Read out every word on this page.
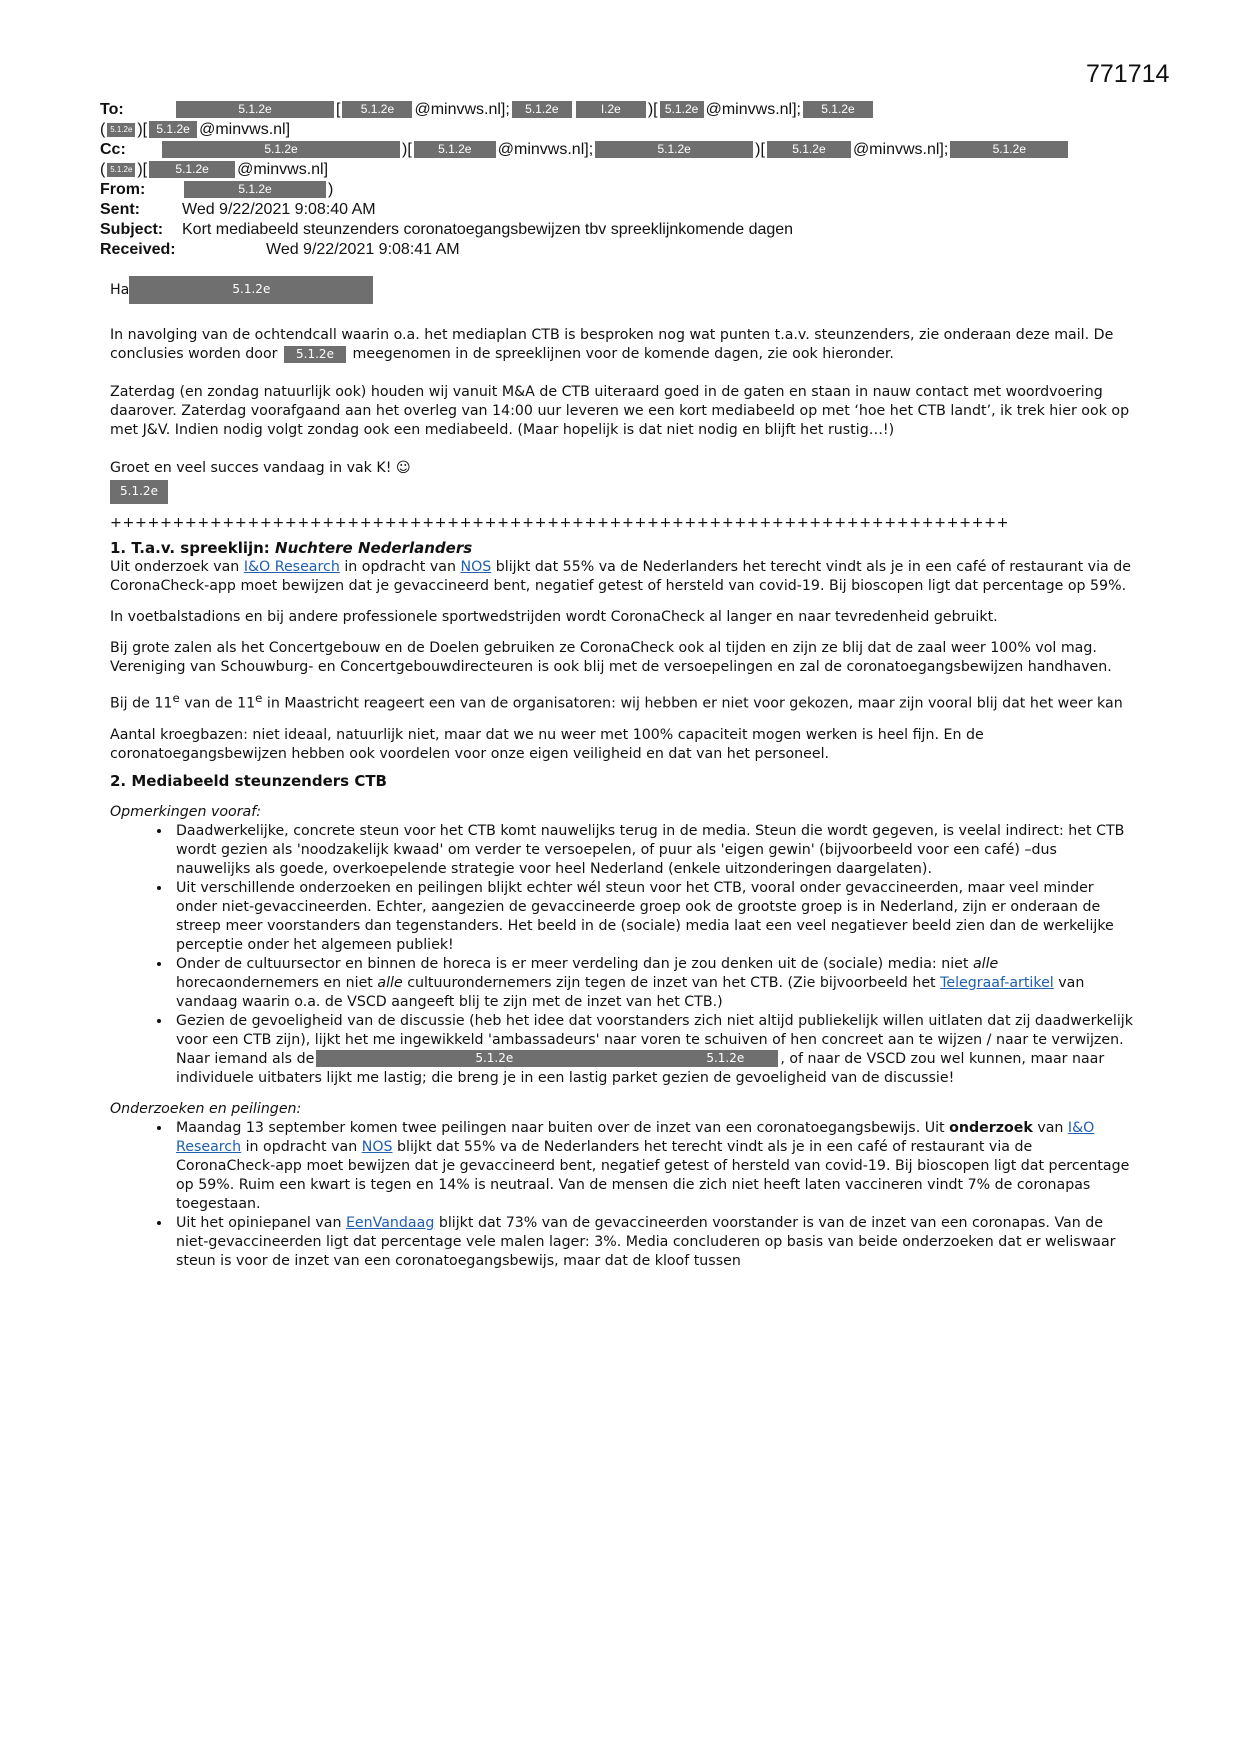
771714
To:	5.1.2e	[ 5.1.2e @minvws.nl]; 5.1.2e	I.2e )[ 5.1.2e @minvws.nl]; 5.1.2e
( 5.1.2e )[ 5.1.2e @minvws.nl]
Cc:	5.1.2e	)[ 5.1.2e @minvws.nl];	5.1.2e	)[ 5.1.2e @minvws.nl];	5.1.2e
( 5.1.2e )[ 5.1.2e @minvws.nl]
From:	5.1.2e	)
Sent:	Wed 9/22/2021 9:08:40 AM
Subject: Kort mediabeeld steunzenders coronatoegangsbewijzen tbv spreeklijnkomende dagen
Received:	Wed 9/22/2021 9:08:41 AM

Ha	5.1.2e

In navolging van de ochtendcall waarin o.a. het mediaplan CTB is besproken nog wat punten t.a.v. steunzenders, zie onderaan deze mail. De conclusies worden door 5.1.2e meegenomen in de spreeklijnen voor de komende dagen, zie ook hieronder.

Zaterdag (en zondag natuurlijk ook) houden wij vanuit M&A de CTB uiteraard goed in de gaten en staan in nauw contact met woordvoering daarover. Zaterdag voorafgaand aan het overleg van 14:00 uur leveren we een kort mediabeeld op met ‘hoe het CTB landt’, ik trek hier ook op met J&V. Indien nodig volgt zondag ook een mediabeeld. (Maar hopelijk is dat niet nodig en blijft het rustig…!)

Groet en veel succes vandaag in vak K! ☺

5.1.2e

++++++++++++++++++++++++++++++++++++++++++++++++++++++++++++++++++++++++

1. T.a.v. spreeklijn: Nuchtere Nederlanders

Uit onderzoek van I&O Research in opdracht van NOS blijkt dat 55% va de Nederlanders het terecht vindt als je in een café of restaurant via de CoronaCheck-app moet bewijzen dat je gevaccineerd bent, negatief getest of hersteld van covid-19. Bij bioscopen ligt dat percentage op 59%.

In voetbalstadions en bij andere professionele sportwedstrijden wordt CoronaCheck al langer en naar tevredenheid gebruikt.

Bij grote zalen als het Concertgebouw en de Doelen gebruiken ze CoronaCheck ook al tijden en zijn ze blij dat de zaal weer 100% vol mag. Vereniging van Schouwburg- en Concertgebouwdirecteuren is ook blij met de versoepelingen en zal de coronatoegangsbewijzen handhaven.

Bij de 11e van de 11e in Maastricht reageert een van de organisatoren: wij hebben er niet voor gekozen, maar zijn vooral blij dat het weer kan

Aantal kroegbazen: niet ideaal, natuurlijk niet, maar dat we nu weer met 100% capaciteit mogen werken is heel fijn. En de coronatoegangsbewijzen hebben ook voordelen voor onze eigen veiligheid en dat van het personeel.

2. Mediabeeld steunzenders CTB

Opmerkingen vooraf:

• Daadwerkelijke, concrete steun voor het CTB komt nauwelijks terug in de media. Steun die wordt gegeven, is veelal indirect: het CTB wordt gezien als 'noodzakelijk kwaad' om verder te versoepelen, of puur als 'eigen gewin' (bijvoorbeeld voor een café) –dus nauwelijks als goede, overkoepelende strategie voor heel Nederland (enkele uitzonderingen daargelaten).
• Uit verschillende onderzoeken en peilingen blijkt echter wél steun voor het CTB, vooral onder gevaccineerden, maar veel minder onder niet-gevaccineerden. Echter, aangezien de gevaccineerde groep ook de grootste groep is in Nederland, zijn er onderaan de streep meer voorstanders dan tegenstanders. Het beeld in de (sociale) media laat een veel negatiever beeld zien dan de werkelijke perceptie onder het algemeen publiek!
• Onder de cultuursector en binnen de horeca is er meer verdeling dan je zou denken uit de (sociale) media: niet alle horecaondernemers en niet alle cultuurondernemers zijn tegen de inzet van het CTB. (Zie bijvoorbeeld het Telegraaf-artikel van vandaag waarin o.a. de VSCD aangeeft blij te zijn met de inzet van het CTB.)
• Gezien de gevoeligheid van de discussie (heb het idee dat voorstanders zich niet altijd publiekelijk willen uitlaten dat zij daadwerkelijk voor een CTB zijn), lijkt het me ingewikkeld 'ambassadeurs' naar voren te schuiven of hen concreet aan te wijzen / naar te verwijzen. Naar iemand als de	5.1.2e	5.1.2e	, of naar de VSCD zou wel kunnen, maar naar individuele uitbaters lijkt me lastig; die breng je in een lastig parket gezien de gevoeligheid van de discussie!

Onderzoeken en peilingen:

• Maandag 13 september komen twee peilingen naar buiten over de inzet van een coronatoegangsbewijs. Uit onderzoek van I&O Research in opdracht van NOS blijkt dat 55% va de Nederlanders het terecht vindt als je in een café of restaurant via de CoronaCheck-app moet bewijzen dat je gevaccineerd bent, negatief getest of hersteld van covid-19. Bij bioscopen ligt dat percentage op 59%. Ruim een kwart is tegen en 14% is neutraal. Van de mensen die zich niet heeft laten vaccineren vindt 7% de coronapas toegestaan.
• Uit het opiniepanel van EenVandaag blijkt dat 73% van de gevaccineerden voorstander is van de inzet van een coronapas. Van de niet-gevaccineerden ligt dat percentage vele malen lager: 3%. Media concluderen op basis van beide onderzoeken dat er weliswaar steun is voor de inzet van een coronatoegangsbewijs, maar dat de kloof tussen
